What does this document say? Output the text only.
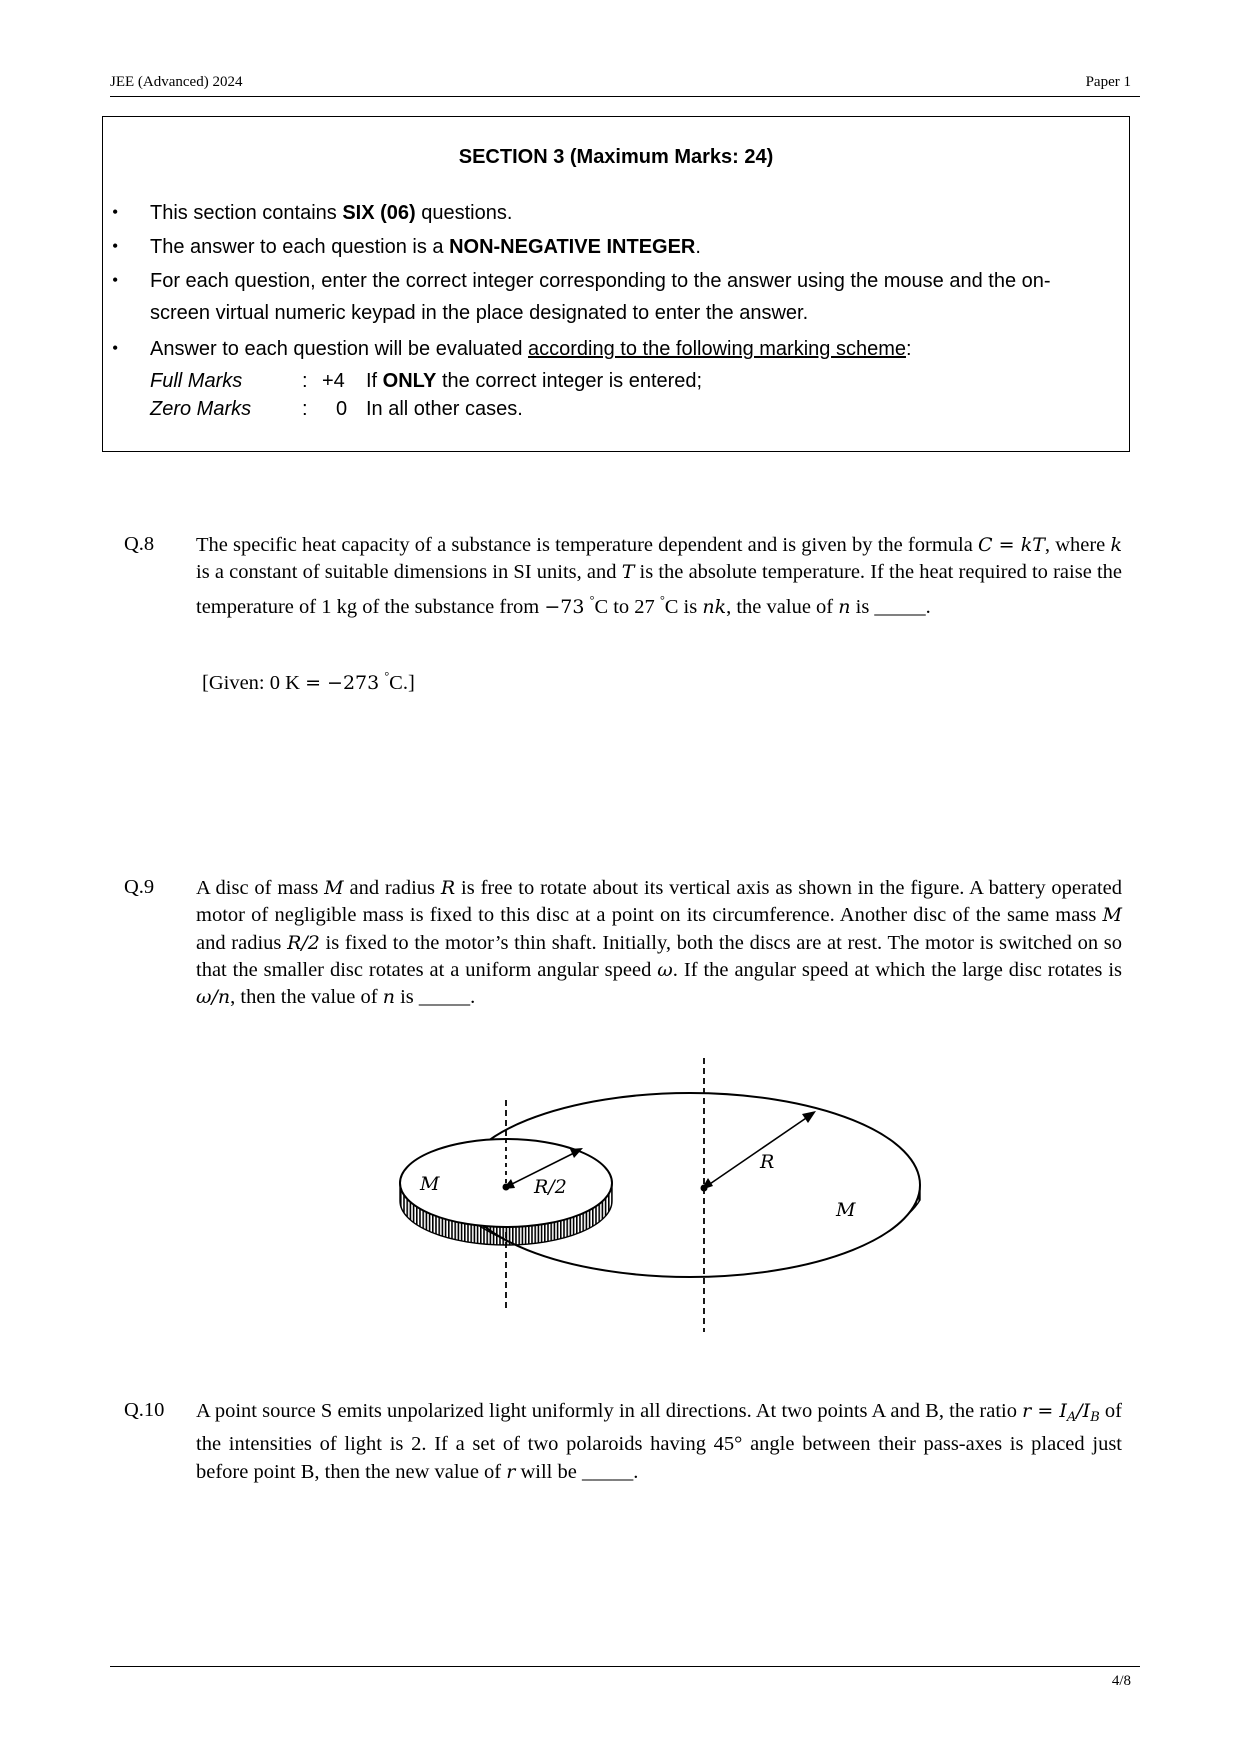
JEE (Advanced) 2024	Paper 1
SECTION 3 (Maximum Marks: 24)
• This section contains SIX (06) questions.
• The answer to each question is a NON-NEGATIVE INTEGER.
• For each question, enter the correct integer corresponding to the answer using the mouse and the on-
screen virtual numeric keypad in the place designated to enter the answer.
• Answer to each question will be evaluated according to the following marking scheme:
Full Marks	: +4 If ONLY the correct integer is entered;
Zero Marks	: 0 In all other cases.
Q.8 The specific heat capacity of a substance is temperature dependent and is given by the formula C = kT, where k is a constant of suitable dimensions in SI units, and T is the absolute temperature. If the heat required to raise the temperature of 1 kg of the substance from −73 °C to 27 °C is nk, the value of n is _____.
[Given: 0 K = −273 °C.]
Q.9 A disc of mass M and radius R is free to rotate about its vertical axis as shown in the figure. A battery operated motor of negligible mass is fixed to this disc at a point on its circumference. Another disc of the same mass M and radius R/2 is fixed to the motor’s thin shaft. Initially, both the discs are at rest. The motor is switched on so that the smaller disc rotates at a uniform angular speed ω. If the angular speed at which the large disc rotates is ω/n, then the value of n is _____.
M	R/2
R
M
Q.10 A point source S emits unpolarized light uniformly in all directions. At two points A and B, the ratio $r = I_A/I_B$ of the intensities of light is 2. If a set of two polaroids having 45° angle between their pass-axes is placed just before point B, then the new value of r will be _____.
4/8
